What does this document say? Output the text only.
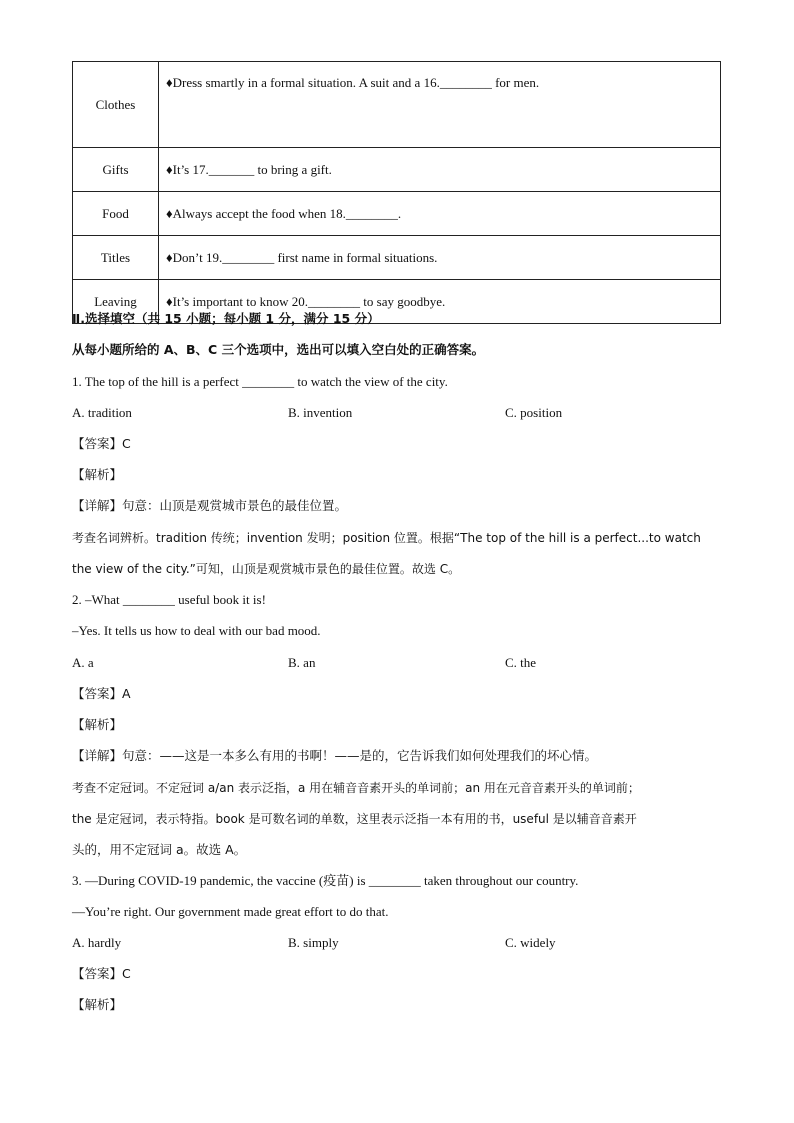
Clothes	♦Dress smartly in a formal situation. A suit and a 16.________ for men.
Gifts	♦It’s 17._______ to bring a gift.
Food	♦Always accept the food when 18.________.
Titles	♦Don’t 19.________ first name in formal situations.
Leaving	♦It’s important to know 20.________ to say goodbye.
Ⅱ.选择填空（共 15 小题；每小题 1 分，满分 15 分）
从每小题所给的 A、B、C 三个选项中，选出可以填入空白处的正确答案。
1. The top of the hill is a perfect ________ to watch the view of the city.
A. tradition	B. invention	C. position
【答案】C
【解析】
【详解】句意：山顶是观赏城市景色的最佳位置。
考查名词辨析。tradition 传统；invention 发明；position 位置。根据“The top of the hill is a perfect...to watch
the view of the city.”可知，山顶是观赏城市景色的最佳位置。故选 C。
2. –What ________ useful book it is!
–Yes. It tells us how to deal with our bad mood.
A. a	B. an	C. the
【答案】A
【解析】
【详解】句意：——这是一本多么有用的书啊！——是的，它告诉我们如何处理我们的坏心情。
考查不定冠词。不定冠词 a/an 表示泛指，a 用在辅音音素开头的单词前；an 用在元音音素开头的单词前；
the 是定冠词，表示特指。book 是可数名词的单数，这里表示泛指一本有用的书，useful 是以辅音音素开
头的，用不定冠词 a。故选 A。
3. —During COVID-19 pandemic, the vaccine (疫苗) is ________ taken throughout our country.
—You’re right. Our government made great effort to do that.
A. hardly	B. simply	C. widely
【答案】C
【解析】
